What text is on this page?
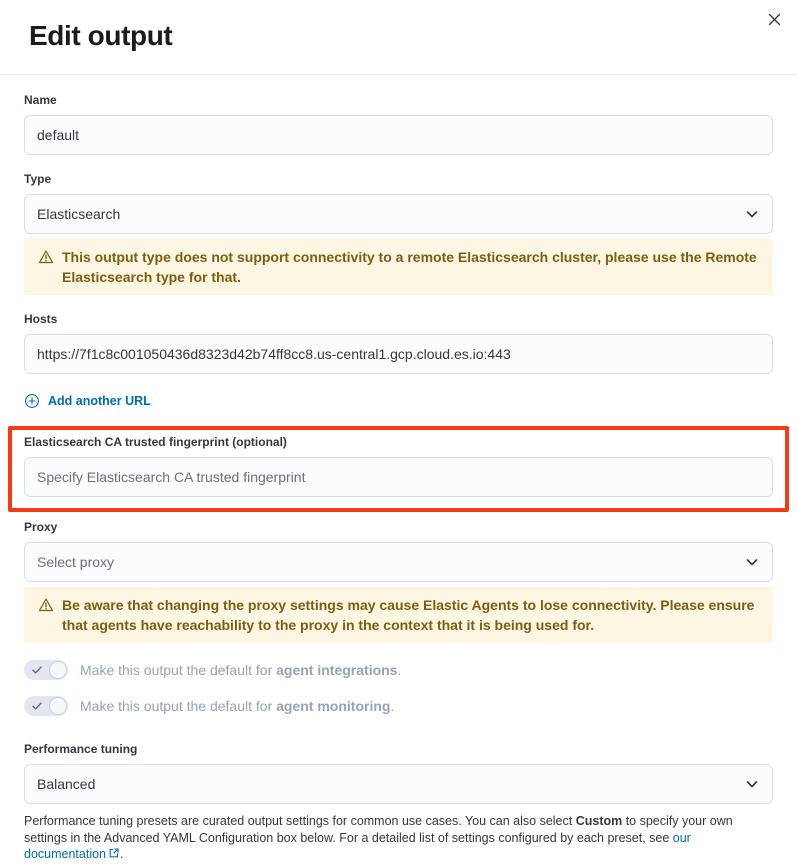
Edit output
Name
default
Type
Elasticsearch
This output type does not support connectivity to a remote Elasticsearch cluster, please use the Remote Elasticsearch type for that.
Hosts
https://7f1c8c001050436d8323d42b74ff8cc8.us-central1.gcp.cloud.es.io:443
Add another URL
Elasticsearch CA trusted fingerprint (optional)
Specify Elasticsearch CA trusted fingerprint
Proxy
Select proxy
Be aware that changing the proxy settings may cause Elastic Agents to lose connectivity. Please ensure that agents have reachability to the proxy in the context that it is being used for.
Make this output the default for agent integrations.
Make this output the default for agent monitoring.
Performance tuning
Balanced
Performance tuning presets are curated output settings for common use cases. You can also select Custom to specify your own settings in the Advanced YAML Configuration box below. For a detailed list of settings configured by each preset, see our documentation .
